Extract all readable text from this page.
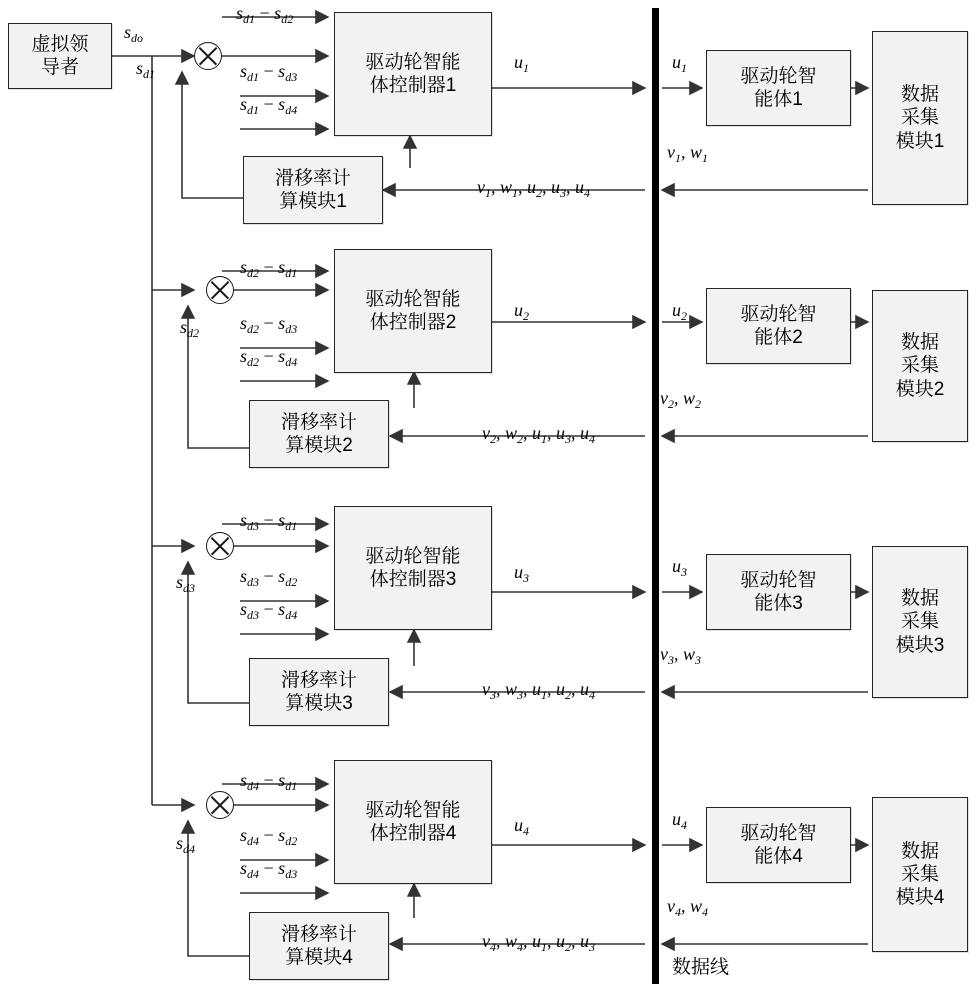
数据线
虚拟领
导者
$s_{do}$
$s_{d1}$
$s_{d2}$
$s_{d3}$
$s_{d4}$
$s_{d1} - s_{d2}$
$s_{d1} - s_{d3}$
$s_{d1} - s_{d4}$
驱动轮智能
体控制器1
$u_1$	$u_1$	驱动轮智
能体1	数据
采集
模块1
$v_1$, $w_1$
$v_1$, $w_1$, $u_2$, $u_3$, $u_4$
滑移率计
算模块1
$s_{d2} - s_{d1}$
$s_{d2} - s_{d3}$
$s_{d2} - s_{d4}$
驱动轮智能
体控制器2
$u_2$	$u_2$	驱动轮智
能体2	数据
采集
模块2
$v_2$, $w_2$
$v_2$, $w_2$, $u_1$, $u_3$, $u_4$
滑移率计
算模块2
$s_{d3} - s_{d1}$
$s_{d3} - s_{d2}$
$s_{d3} - s_{d4}$
驱动轮智能
体控制器3	$u_3$
$u_3$	驱动轮智
能体3	数据
采集
模块3
$v_3$, $w_3$
$v_3$, $w_3$, $u_1$, $u_2$, $u_4$
滑移率计
算模块3
$s_{d4} - s_{d1}$
$s_{d4} - s_{d2}$
$s_{d4} - s_{d3}$
驱动轮智能
体控制器4	$u_4$
$u_4$	驱动轮智
能体4	数据
采集
模块4
$v_4$, $w_4$
$v_4$, $w_4$, $u_1$, $u_2$, $u_3$
滑移率计
算模块4
